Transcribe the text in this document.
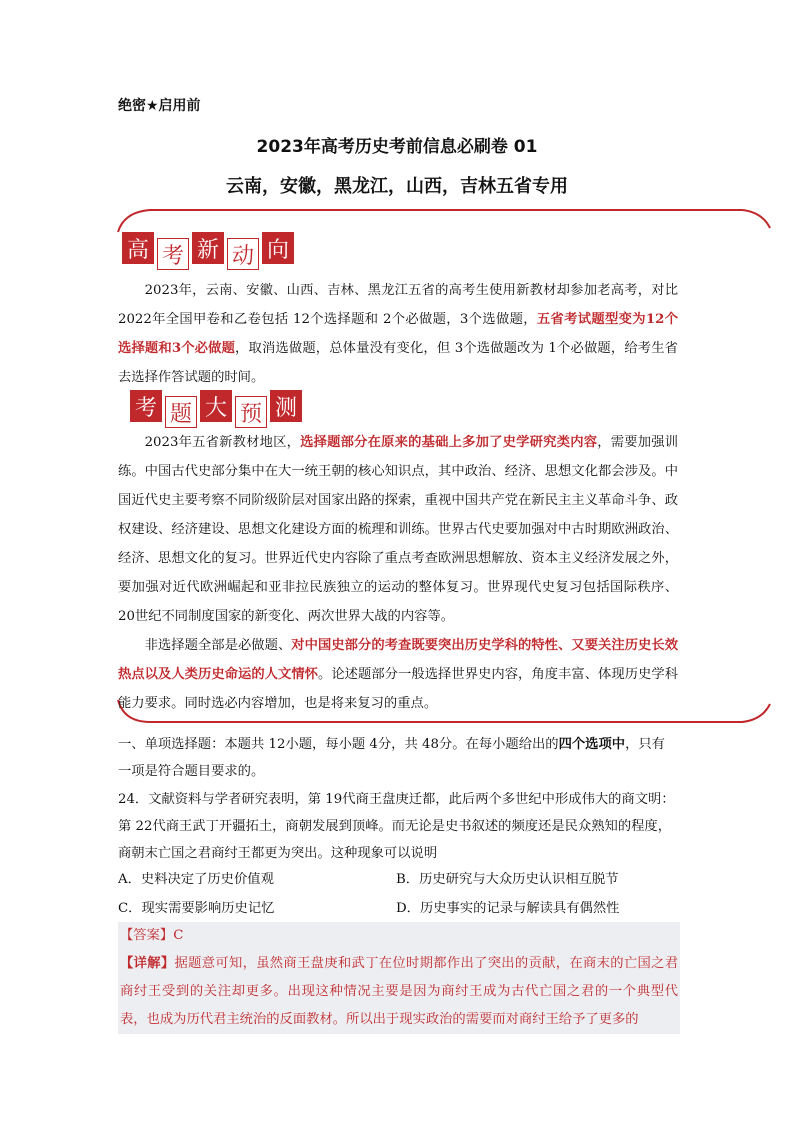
绝密★启用前
2023年高考历史考前信息必刷卷 01
云南，安徽，黑龙江，山西，吉林五省专用
高 考 新 动 向

2023年，云南、安徽、山西、吉林、黑龙江五省的高考生使用新教材却参加老高考，对比 2022年全国甲卷和乙卷包括 12个选择题和 2个必做题，3个选做题，五省考试题型变为12个选择题和3个必做题，取消选做题，总体量没有变化，但 3个选做题改为 1个必做题，给考生省去选择作答试题的时间。

考 题 大 预 测

2023年五省新教材地区，选择题部分在原来的基础上多加了史学研究类内容，需要加强训练。中国古代史部分集中在大一统王朝的核心知识点，其中政治、经济、思想文化都会涉及。中国近代史主要考察不同阶级阶层对国家出路的探索，重视中国共产党在新民主主义革命斗争、政权建设、经济建设、思想文化建设方面的梳理和训练。世界古代史要加强对中古时期欧洲政治、经济、思想文化的复习。世界近代史内容除了重点考查欧洲思想解放、资本主义经济发展之外，要加强对近代欧洲崛起和亚非拉民族独立的运动的整体复习。世界现代史复习包括国际秩序、20世纪不同制度国家的新变化、两次世界大战的内容等。

非选择题全部是必做题、对中国史部分的考查既要突出历史学科的特性、又要关注历史长效热点以及人类历史命运的人文情怀。论述题部分一般选择世界史内容，角度丰富、体现历史学科能力要求。同时选必内容增加，也是将来复习的重点。

一、单项选择题：本题共 12小题，每小题 4分，共 48分。在每小题给出的四个选项中，只有一项是符合题目要求的。
24．文献资料与学者研究表明，第 19代商王盘庚迁都，此后两个多世纪中形成伟大的商文明：第 22代商王武丁开疆拓土，商朝发展到顶峰。而无论是史书叙述的频度还是民众熟知的程度，商朝末亡国之君商纣王都更为突出。这种现象可以说明
A．史料决定了历史价值观	B．历史研究与大众历史认识相互脱节
C．现实需要影响历史记忆	D．历史事实的记录与解读具有偶然性
【答案】C
【详解】据题意可知，虽然商王盘庚和武丁在位时期都作出了突出的贡献，在商末的亡国之君商纣王受到的关注却更多。出现这种情况主要是因为商纣王成为古代亡国之君的一个典型代表，也成为历代君主统治的反面教材。所以出于现实政治的需要而对商纣王给予了更多的
